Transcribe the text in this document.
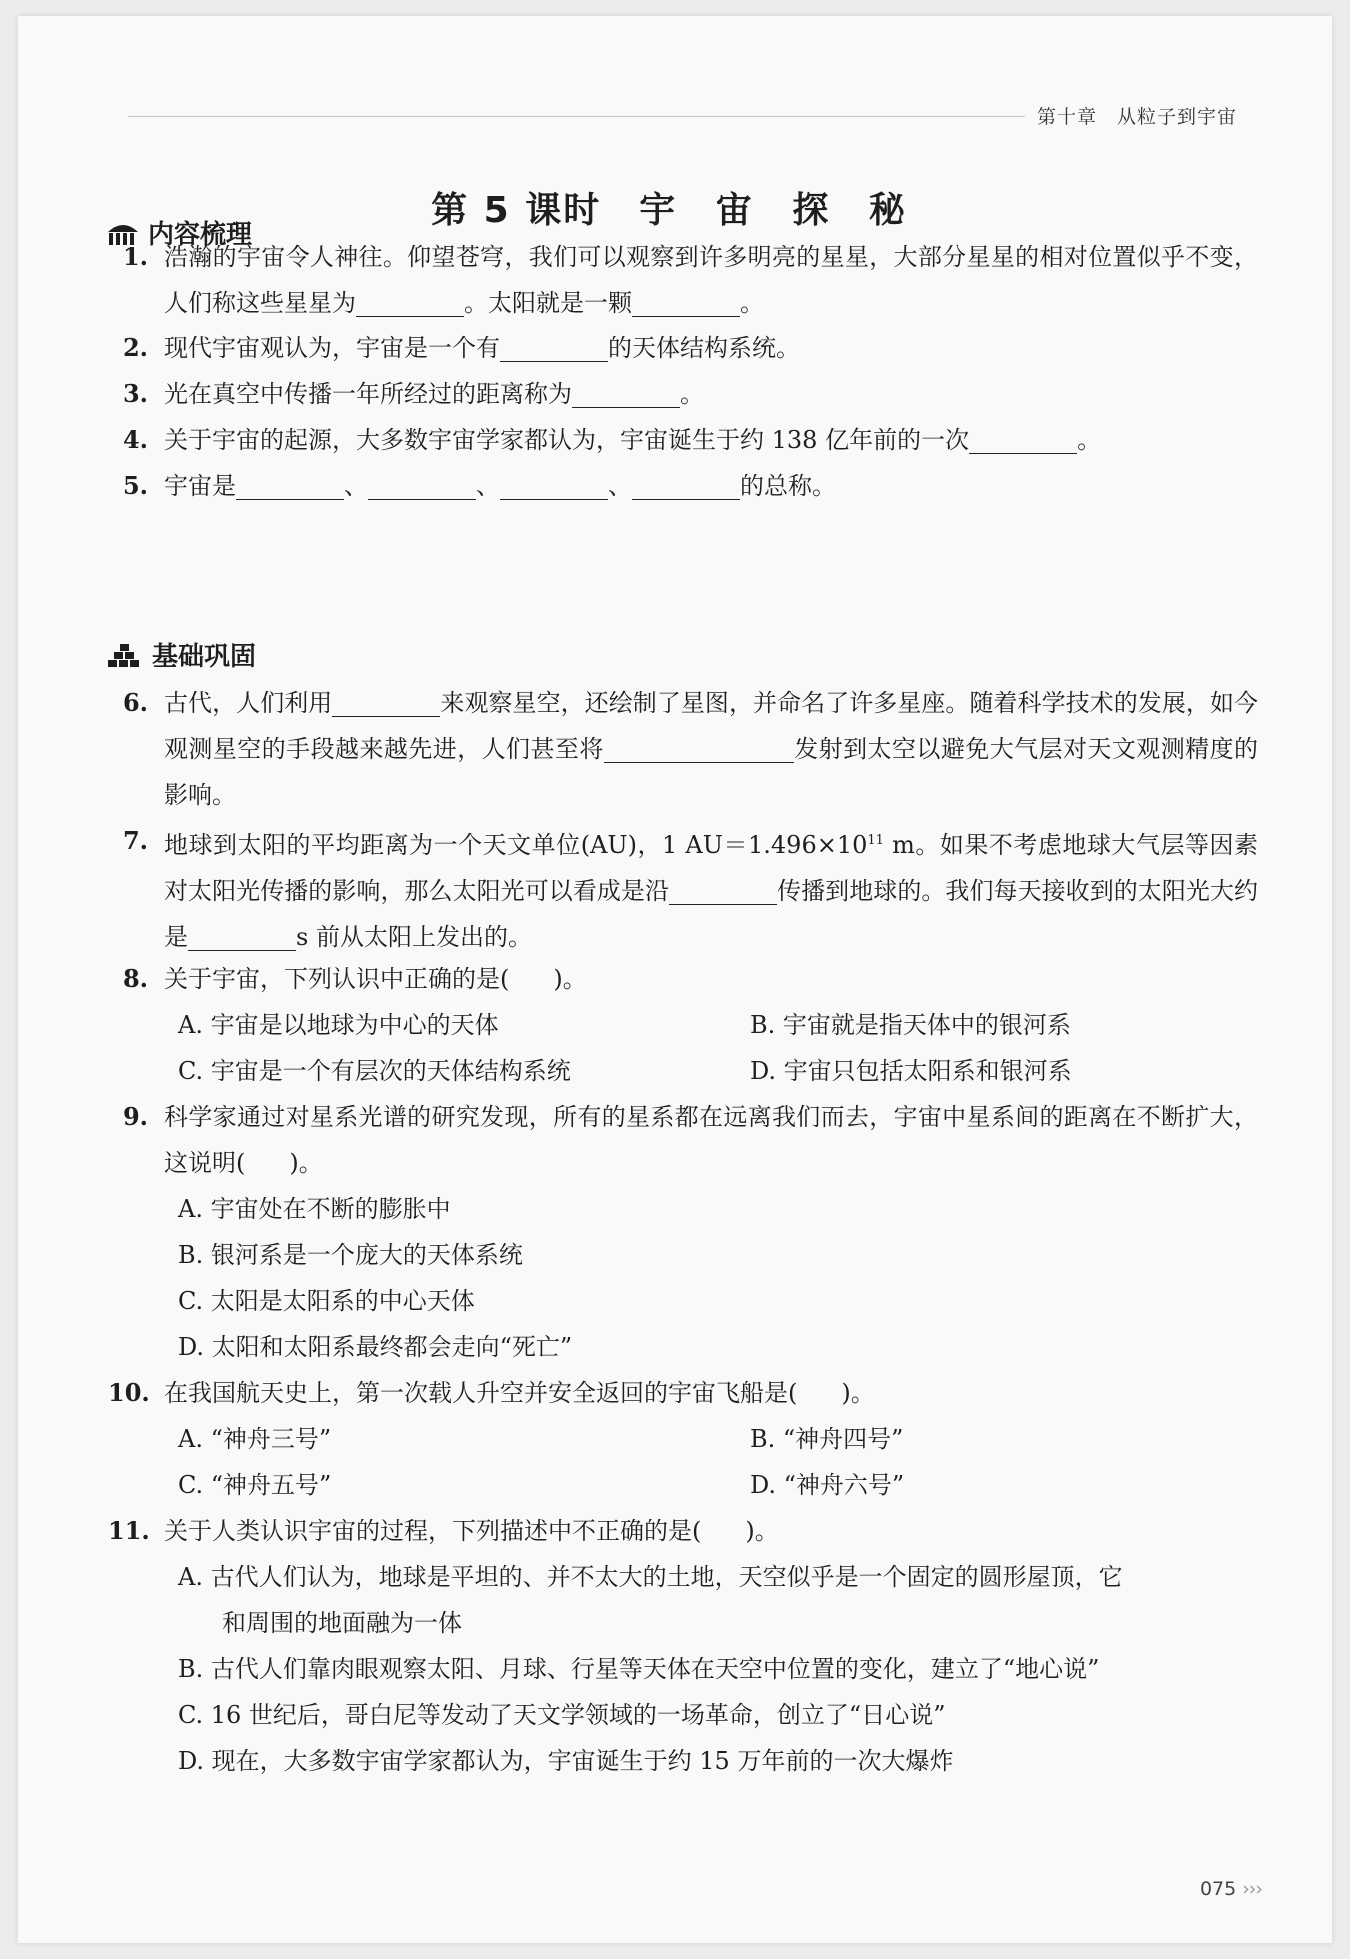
第十章　从粒子到宇宙
第 5 课时 宇 宙 探 秘
内容梳理
1. 浩瀚的宇宙令人神往。仰望苍穹，我们可以观察到许多明亮的星星，大部分星星的相对位置似乎不变，人们称这些星星为	。太阳就是一颗	。
2. 现代宇宙观认为，宇宙是一个有	的天体结构系统。
3. 光在真空中传播一年所经过的距离称为	。
4. 关于宇宙的起源，大多数宇宙学家都认为，宇宙诞生于约 138 亿年前的一次	。
5. 宇宙是	、	、	、	的总称。
基础巩固
6. 古代，人们利用	来观察星空，还绘制了星图，并命名了许多星座。随着科学技术的发展，如今观测星空的手段越来越先进，人们甚至将	发射到太空以避免大气层对天文观测精度的影响。
7. 地球到太阳的平均距离为一个天文单位(AU)，1 $AU=1.496\times 10^{11}$ m。如果不考虑地球大气层等因素对太阳光传播的影响，那么太阳光可以看成是沿	传播到地球的。我们每天接收到的太阳光大约是	s 前从太阳上发出的。
8. 关于宇宙，下列认识中正确的是( )。
A. 宇宙是以地球为中心的天体	B. 宇宙就是指天体中的银河系
C. 宇宙是一个有层次的天体结构系统	D. 宇宙只包括太阳系和银河系
9. 科学家通过对星系光谱的研究发现，所有的星系都在远离我们而去，宇宙中星系间的距离在不断扩大，这说明( )。
A. 宇宙处在不断的膨胀中
B. 银河系是一个庞大的天体系统
C. 太阳是太阳系的中心天体
D. 太阳和太阳系最终都会走向“死亡”
10. 在我国航天史上，第一次载人升空并安全返回的宇宙飞船是( )。
A. “神舟三号”	B. “神舟四号”
C. “神舟五号”	D. “神舟六号”
11. 关于人类认识宇宙的过程，下列描述中不正确的是( )。
A. 古代人们认为，地球是平坦的、并不太大的土地，天空似乎是一个固定的圆形屋顶，它
和周围的地面融为一体
B. 古代人们靠肉眼观察太阳、月球、行星等天体在天空中位置的变化，建立了“地心说”
C. 16 世纪后，哥白尼等发动了天文学领域的一场革命，创立了“日心说”
D. 现在，大多数宇宙学家都认为，宇宙诞生于约 15 万年前的一次大爆炸
075 ›››
